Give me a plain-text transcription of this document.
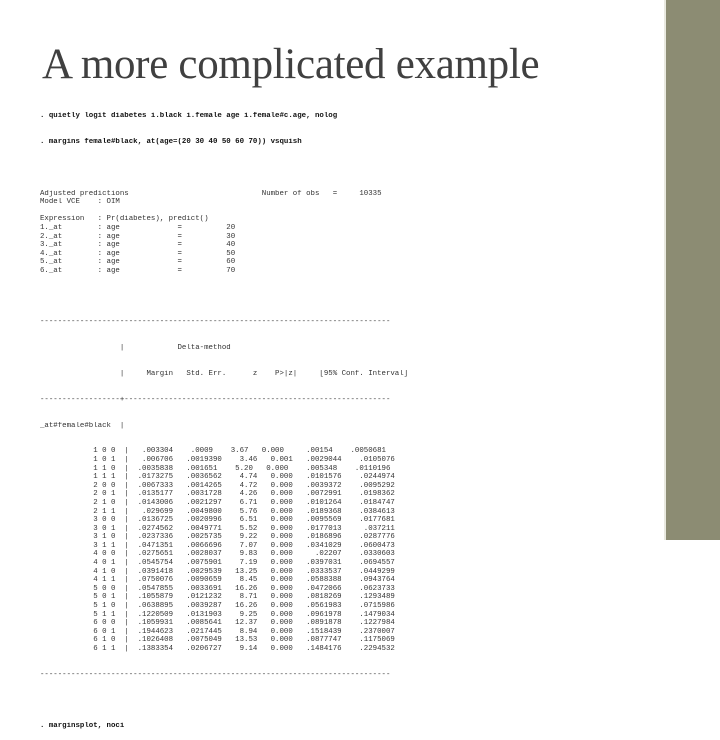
A more complicated example

. quietly logit diabetes i.black i.female age i.female#c.age, nolog

. margins female#black, at(age=(20 30 40 50 60 70)) vsquish

Adjusted predictions                              Number of obs   =     10335
Model VCE    : OIM
Expression   : Pr(diabetes), predict()
1._at        : age             =          20
2._at        : age             =          30
3._at        : age             =          40
4._at        : age             =          50
5._at        : age             =          60
6._at        : age             =          70

-------------------------------------------------------------------------------

|            Delta-method

|     Margin   Std. Err.      z    P>|z|     [95% Conf. Interval]

------------------+------------------------------------------------------------

_at#female#black  |

1 0 0  |   .003304    .0009    3.67   0.000     .00154    .0050681
1 0 1  |   .006706   .0019390    3.46   0.001   .0029044    .0105076
1 1 0  |  .0035838   .001651    5.20   0.000    .005348    .0110196
1 1 1  |  .0173275   .0036562    4.74   0.000   .0101576    .0244974
2 0 0  |  .0067333   .0014265    4.72   0.000   .0039372    .0095292
2 0 1  |  .0135177   .0031728    4.26   0.000   .0072991    .0198362
2 1 0  |  .0143006   .0021297    6.71   0.000   .0101264    .0184747
2 1 1  |   .029699   .0049800    5.76   0.000   .0189368    .0384613
3 0 0  |  .0136725   .0020996    6.51   0.000   .0095569    .0177681
3 0 1  |  .0274562   .0049771    5.52   0.000   .0177013     .037211
3 1 0  |  .0237336   .0025735    9.22   0.000   .0186896    .0287776
3 1 1  |  .0471351   .0066696    7.07   0.000   .0341029    .0600473
4 0 0  |  .0275651   .0028037    9.83   0.000     .02207    .0330603
4 0 1  |  .0545754   .0075901    7.19   0.000   .0397031    .0694557
4 1 0  |  .0391418   .0029539   13.25   0.000   .0333537    .0449299
4 1 1  |  .0750076   .0090659    8.45   0.000   .0588388    .0943764
5 0 0  |  .0547855   .0033691   16.26   0.000   .0472066    .0623733
5 0 1  |  .1055879   .0121232    8.71   0.000   .0818269    .1293489
5 1 0  |  .0638895   .0039287   16.26   0.000   .0561983    .0715986
5 1 1  |  .1220509   .0131903    9.25   0.000   .0961978    .1479034
6 0 0  |  .1059931   .0085641   12.37   0.000   .0891878    .1227984
6 0 1  |  .1944623   .0217445    8.94   0.000   .1518439    .2370007
6 1 0  |  .1026408   .0075049   13.53   0.000   .0877747    .1175069
6 1 1  |  .1383354   .0206727    9.14   0.000   .1484176    .2294532

-------------------------------------------------------------------------------

. marginsplot, noci
